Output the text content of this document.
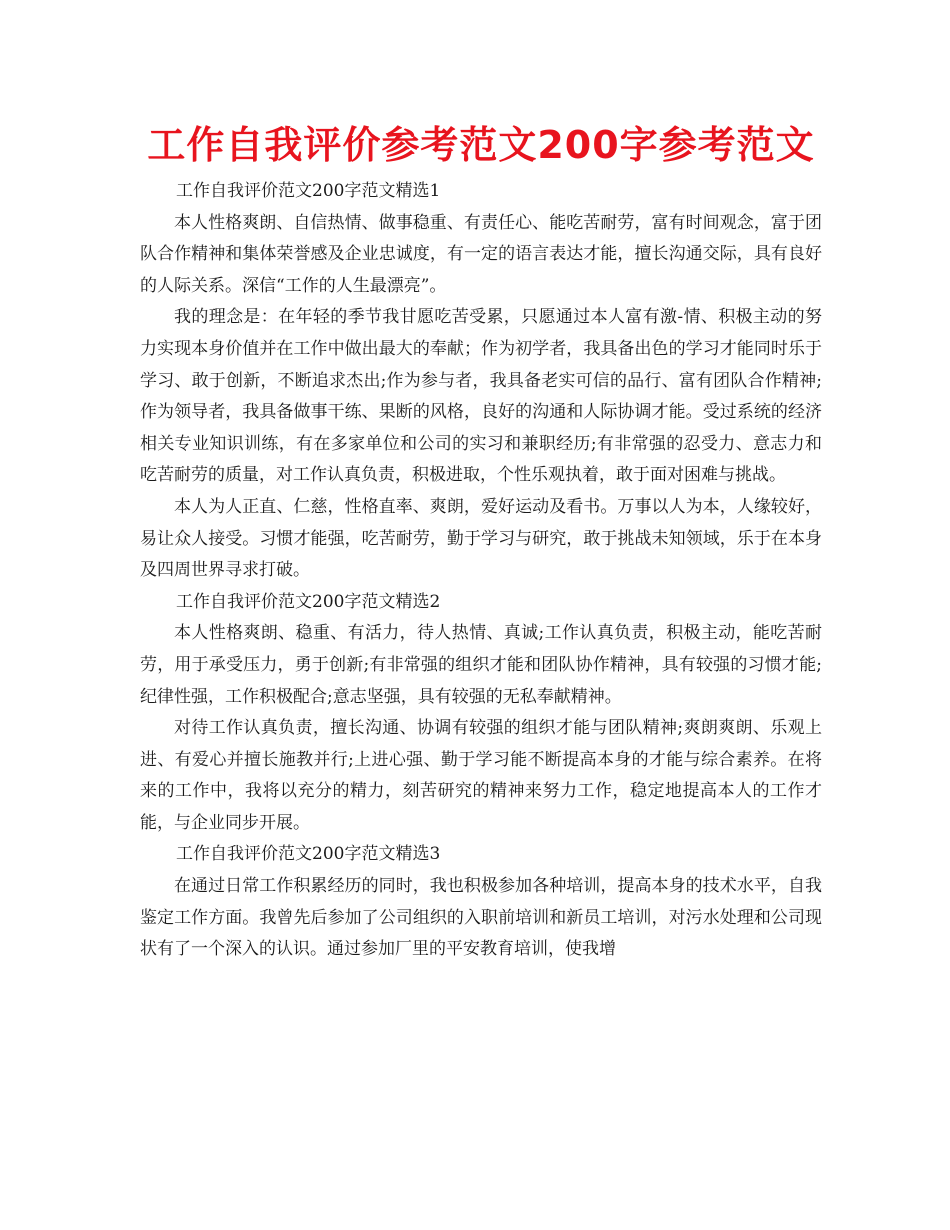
工作自我评价参考范文200字参考范文

工作自我评价范文200字范文精选1

本人性格爽朗、自信热情、做事稳重、有责任心、能吃苦耐劳，富有时间观念，富于团队合作精神和集体荣誉感及企业忠诚度，有一定的语言表达才能，擅长沟通交际，具有良好的人际关系。深信“工作的人生最漂亮”。

我的理念是：在年轻的季节我甘愿吃苦受累，只愿通过本人富有激-情、积极主动的努力实现本身价值并在工作中做出最大的奉献；作为初学者，我具备出色的学习才能同时乐于学习、敢于创新，不断追求杰出;作为参与者，我具备老实可信的品行、富有团队合作精神;作为领导者，我具备做事干练、果断的风格，良好的沟通和人际协调才能。受过系统的经济相关专业知识训练，有在多家单位和公司的实习和兼职经历;有非常强的忍受力、意志力和吃苦耐劳的质量，对工作认真负责，积极进取，个性乐观执着，敢于面对困难与挑战。

本人为人正直、仁慈，性格直率、爽朗，爱好运动及看书。万事以人为本，人缘较好，易让众人接受。习惯才能强，吃苦耐劳，勤于学习与研究，敢于挑战未知领域，乐于在本身及四周世界寻求打破。

工作自我评价范文200字范文精选2

本人性格爽朗、稳重、有活力，待人热情、真诚;工作认真负责，积极主动，能吃苦耐劳，用于承受压力，勇于创新;有非常强的组织才能和团队协作精神，具有较强的习惯才能;纪律性强，工作积极配合;意志坚强，具有较强的无私奉献精神。

对待工作认真负责，擅长沟通、协调有较强的组织才能与团队精神;爽朗爽朗、乐观上进、有爱心并擅长施教并行;上进心强、勤于学习能不断提高本身的才能与综合素养。在将来的工作中，我将以充分的精力，刻苦研究的精神来努力工作，稳定地提高本人的工作才能，与企业同步开展。

工作自我评价范文200字范文精选3

在通过日常工作积累经历的同时，我也积极参加各种培训，提高本身的技术水平，自我鉴定工作方面。我曾先后参加了公司组织的入职前培训和新员工培训，对污水处理和公司现状有了一个深入的认识。通过参加厂里的平安教育培训，使我增
